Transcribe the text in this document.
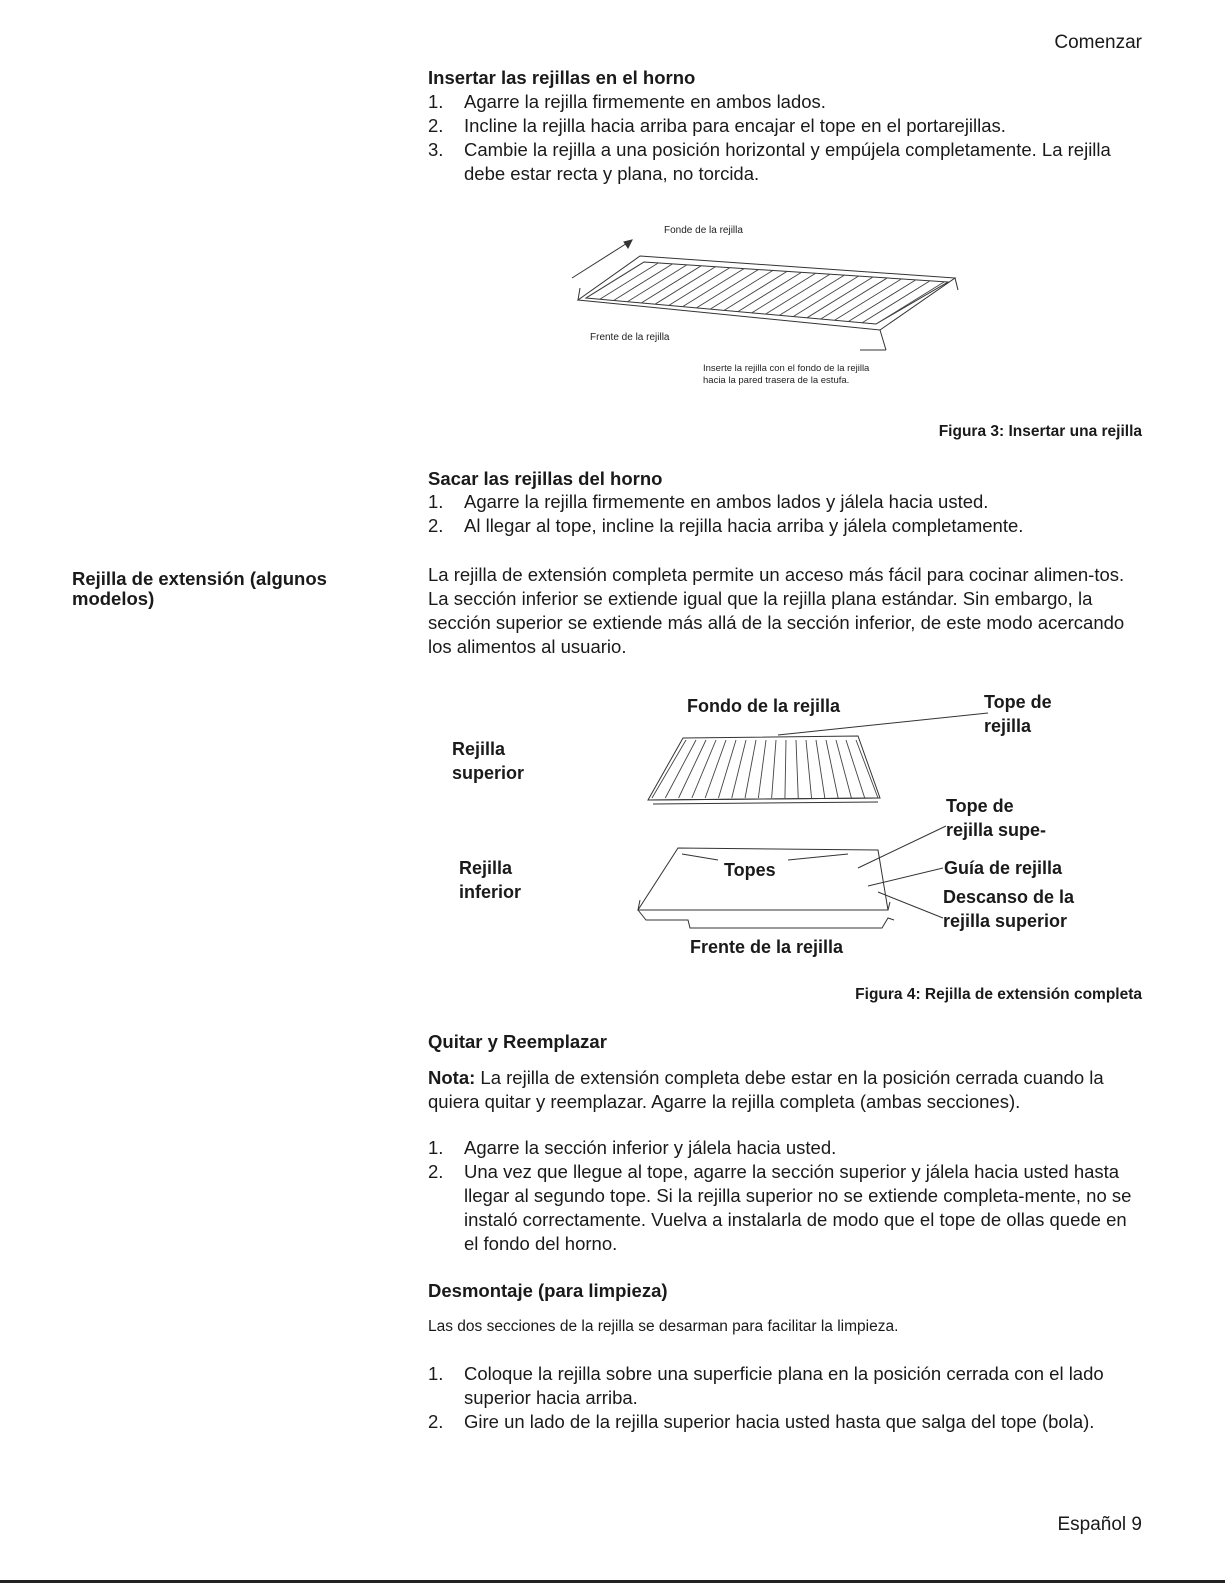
Comenzar
Insertar las rejillas en el horno
1. Agarre la rejilla firmemente en ambos lados.
2. Incline la rejilla hacia arriba para encajar el tope en el portarejillas.
3. Cambie la rejilla a una posición horizontal y empújela completamente. La rejilla debe estar recta y plana, no torcida.
Fonde de la rejilla
Frente de la rejilla
Inserte la rejilla con el fondo de la rejilla
hacia la pared trasera de la estufa.
Figura 3: Insertar una rejilla
Sacar las rejillas del horno
1. Agarre la rejilla firmemente en ambos lados y jálela hacia usted.
2. Al llegar al tope, incline la rejilla hacia arriba y jálela completamente.
Rejilla de extensión (algunos
modelos)
La rejilla de extensión completa permite un acceso más fácil para cocinar alimen-tos. La sección inferior se extiende igual que la rejilla plana estándar. Sin embargo, la sección superior se extiende más allá de la sección inferior, de este modo acercando los alimentos al usuario.
Fondo de la rejilla	Tope de
rejilla
Rejilla
superior
Tope de
rejilla supe-
Rejilla
inferior
Topes	Guía de rejilla
Descanso de la
rejilla superior
Frente de la rejilla
Figura 4: Rejilla de extensión completa
Quitar y Reemplazar
Nota: La rejilla de extensión completa debe estar en la posición cerrada cuando la quiera quitar y reemplazar. Agarre la rejilla completa (ambas secciones).
1. Agarre la sección inferior y jálela hacia usted.
2. Una vez que llegue al tope, agarre la sección superior y jálela hacia usted hasta llegar al segundo tope. Si la rejilla superior no se extiende completa-mente, no se instaló correctamente. Vuelva a instalarla de modo que el tope de ollas quede en el fondo del horno.
Desmontaje (para limpieza)
Las dos secciones de la rejilla se desarman para facilitar la limpieza.
1. Coloque la rejilla sobre una superficie plana en la posición cerrada con el lado superior hacia arriba.
2. Gire un lado de la rejilla superior hacia usted hasta que salga del tope (bola).
Español 9
